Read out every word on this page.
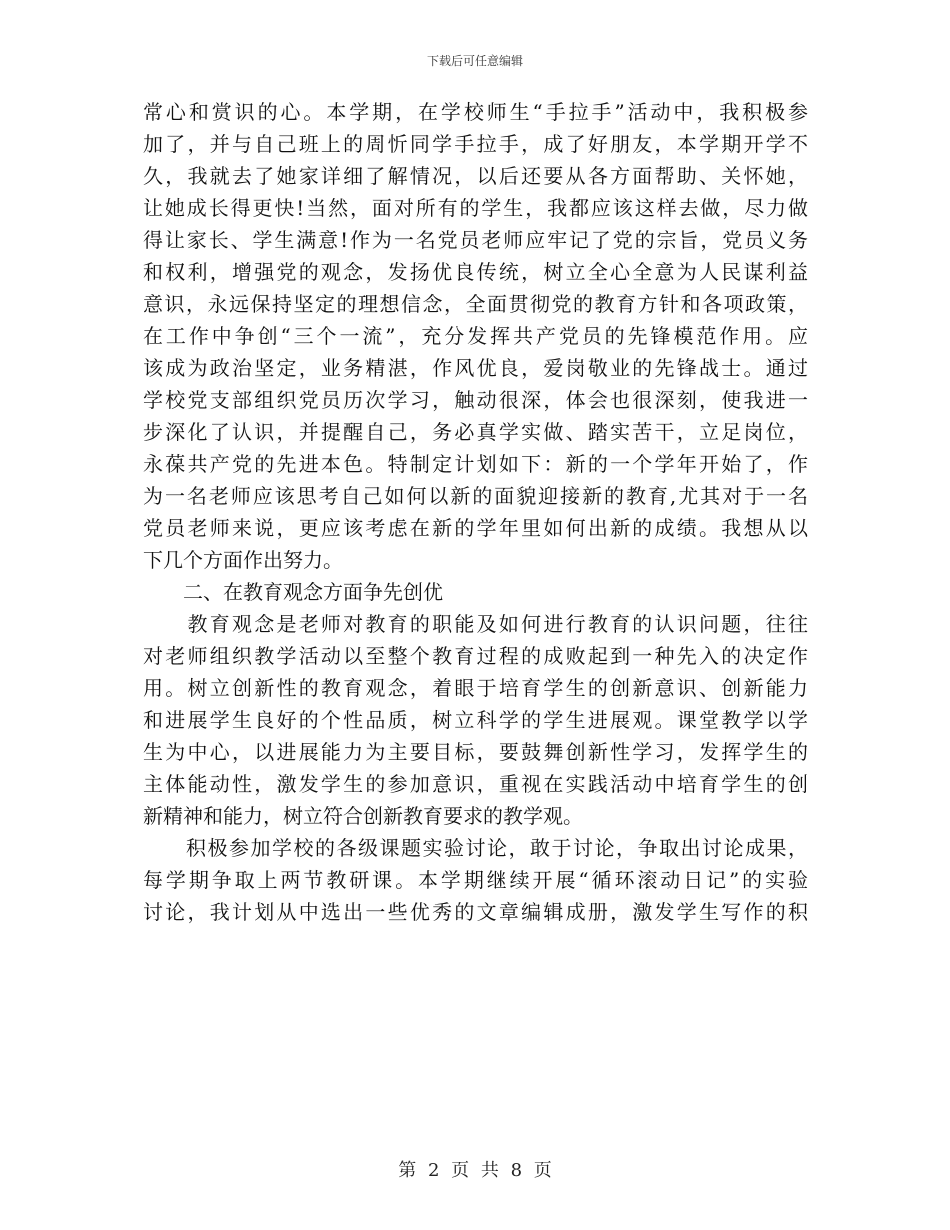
下载后可任意编辑
常心和赏识的心。本学期，在学校师生“手拉手”活动中，我积极参
加了，并与自己班上的周忻同学手拉手，成了好朋友，本学期开学不
久，我就去了她家详细了解情况，以后还要从各方面帮助、关怀她，
让她成长得更快!当然，面对所有的学生，我都应该这样去做，尽力做
得让家长、学生满意!作为一名党员老师应牢记了党的宗旨，党员义务
和权利，增强党的观念，发扬优良传统，树立全心全意为人民谋利益
意识，永远保持坚定的理想信念，全面贯彻党的教育方针和各项政策，
在工作中争创“三个一流”，充分发挥共产党员的先锋模范作用。应
该成为政治坚定，业务精湛，作风优良，爱岗敬业的先锋战士。通过
学校党支部组织党员历次学习，触动很深，体会也很深刻，使我进一
步深化了认识，并提醒自己，务必真学实做、踏实苦干，立足岗位，
永葆共产党的先进本色。特制定计划如下：新的一个学年开始了，作
为一名老师应该思考自己如何以新的面貌迎接新的教育,尤其对于一名
党员老师来说，更应该考虑在新的学年里如何出新的成绩。我想从以
下几个方面作出努力。
　　二、在教育观念方面争先创优
　　教育观念是老师对教育的职能及如何进行教育的认识问题，往往
对老师组织教学活动以至整个教育过程的成败起到一种先入的决定作
用。树立创新性的教育观念，着眼于培育学生的创新意识、创新能力
和进展学生良好的个性品质，树立科学的学生进展观。课堂教学以学
生为中心，以进展能力为主要目标，要鼓舞创新性学习，发挥学生的
主体能动性，激发学生的参加意识，重视在实践活动中培育学生的创
新精神和能力，树立符合创新教育要求的教学观。
　　积极参加学校的各级课题实验讨论，敢于讨论，争取出讨论成果，
每学期争取上两节教研课。本学期继续开展“循环滚动日记”的实验
讨论，我计划从中选出一些优秀的文章编辑成册，激发学生写作的积
第 2 页 共 8 页
